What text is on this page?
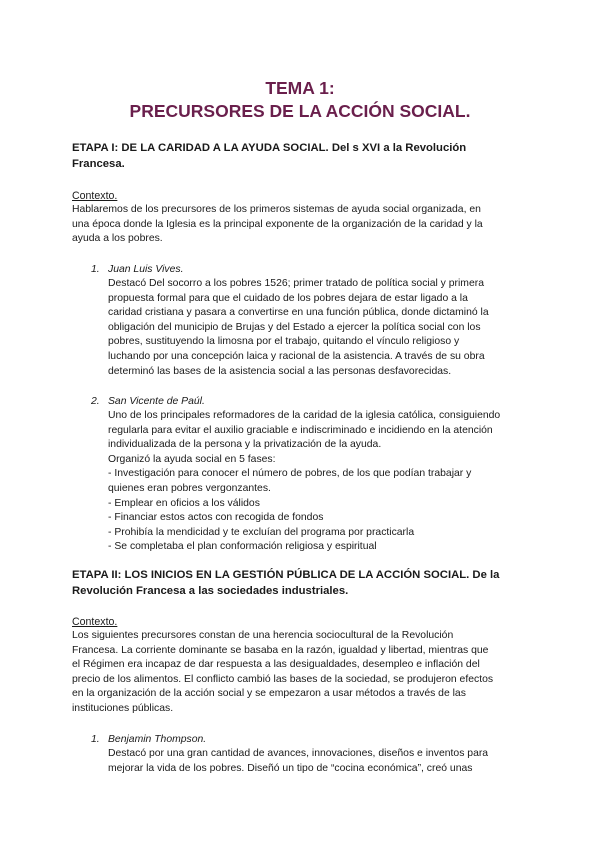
TEMA 1:
PRECURSORES DE LA ACCIÓN SOCIAL.
ETAPA I: DE LA CARIDAD A LA AYUDA SOCIAL. Del s XVI a la Revolución
Francesa.
Contexto.
Hablaremos de los precursores de los primeros sistemas de ayuda social organizada, en
una época donde la Iglesia es la principal exponente de la organización de la caridad y la
ayuda a los pobres.
1. Juan Luis Vives.
Destacó Del socorro a los pobres 1526; primer tratado de política social y primera
propuesta formal para que el cuidado de los pobres dejara de estar ligado a la
caridad cristiana y pasara a convertirse en una función pública, donde dictaminó la
obligación del municipio de Brujas y del Estado a ejercer la política social con los
pobres, sustituyendo la limosna por el trabajo, quitando el vínculo religioso y
luchando por una concepción laica y racional de la asistencia. A través de su obra
determinó las bases de la asistencia social a las personas desfavorecidas.
2. San Vicente de Paúl.
Uno de los principales reformadores de la caridad de la iglesia católica, consiguiendo
regularla para evitar el auxilio graciable e indiscriminado e incidiendo en la atención
individualizada de la persona y la privatización de la ayuda.
Organizó la ayuda social en 5 fases:
- Investigación para conocer el número de pobres, de los que podían trabajar y
quienes eran pobres vergonzantes.
- Emplear en oficios a los válidos
- Financiar estos actos con recogida de fondos
- Prohibía la mendicidad y te excluían del programa por practicarla
- Se completaba el plan conformación religiosa y espiritual
ETAPA II: LOS INICIOS EN LA GESTIÓN PÚBLICA DE LA ACCIÓN SOCIAL. De la
Revolución Francesa a las sociedades industriales.
Contexto.
Los siguientes precursores constan de una herencia sociocultural de la Revolución
Francesa. La corriente dominante se basaba en la razón, igualdad y libertad, mientras que
el Régimen era incapaz de dar respuesta a las desigualdades, desempleo e inflación del
precio de los alimentos. El conflicto cambió las bases de la sociedad, se produjeron efectos
en la organización de la acción social y se empezaron a usar métodos a través de las
instituciones públicas.
1. Benjamin Thompson.
Destacó por una gran cantidad de avances, innovaciones, diseños e inventos para
mejorar la vida de los pobres. Diseñó un tipo de “cocina económica”, creó unas
